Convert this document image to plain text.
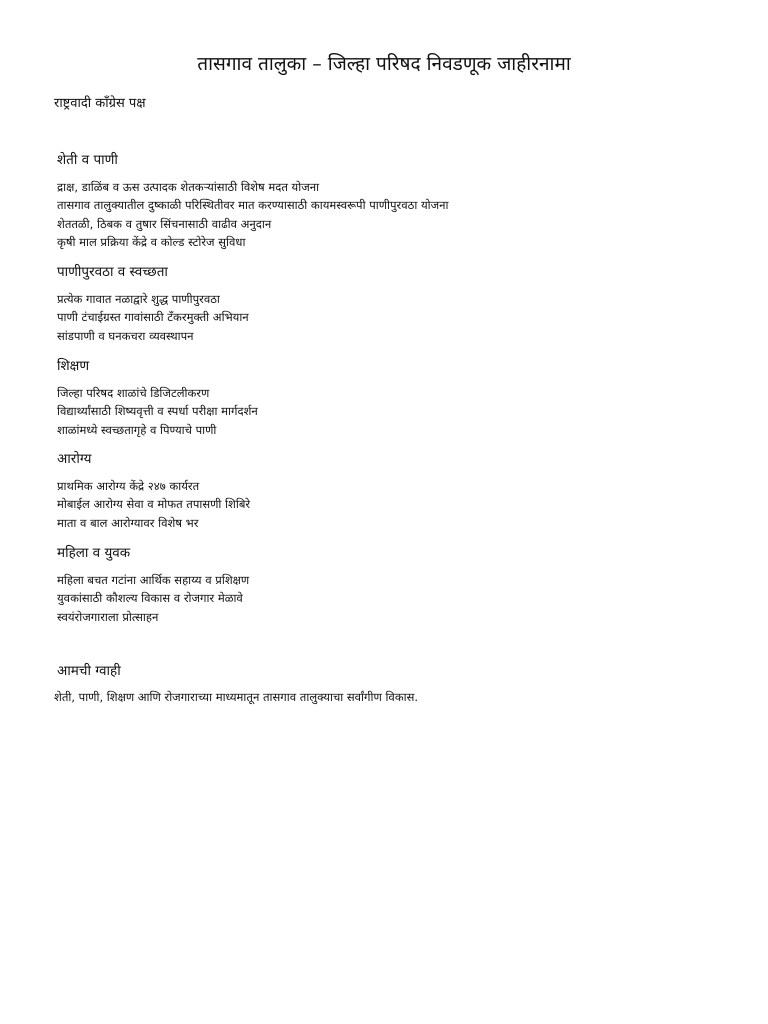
तासगाव तालुका – जिल्हा परिषद निवडणूक जाहीरनामा
राष्ट्रवादी काँग्रेस पक्ष
शेती व पाणी
द्राक्ष, डाळिंब व ऊस उत्पादक शेतकऱ्यांसाठी विशेष मदत योजना
तासगाव तालुक्यातील दुष्काळी परिस्थितीवर मात करण्यासाठी कायमस्वरूपी पाणीपुरवठा योजना
शेततळी, ठिबक व तुषार सिंचनासाठी वाढीव अनुदान
कृषी माल प्रक्रिया केंद्रे व कोल्ड स्टोरेज सुविधा
पाणीपुरवठा व स्वच्छता
प्रत्येक गावात नळाद्वारे शुद्ध पाणीपुरवठा
पाणी टंचाईग्रस्त गावांसाठी टँकरमुक्ती अभियान
सांडपाणी व घनकचरा व्यवस्थापन
शिक्षण
जिल्हा परिषद शाळांचे डिजिटलीकरण
विद्यार्थ्यांसाठी शिष्यवृत्ती व स्पर्धा परीक्षा मार्गदर्शन
शाळांमध्ये स्वच्छतागृहे व पिण्याचे पाणी
आरोग्य
प्राथमिक आरोग्य केंद्रे २४७ कार्यरत
मोबाईल आरोग्य सेवा व मोफत तपासणी शिबिरे
माता व बाल आरोग्यावर विशेष भर
महिला व युवक
महिला बचत गटांना आर्थिक सहाय्य व प्रशिक्षण
युवकांसाठी कौशल्य विकास व रोजगार मेळावे
स्वयंरोजगाराला प्रोत्साहन
आमची ग्वाही
शेती, पाणी, शिक्षण आणि रोजगाराच्या माध्यमातून तासगाव तालुक्याचा सर्वांगीण विकास.
